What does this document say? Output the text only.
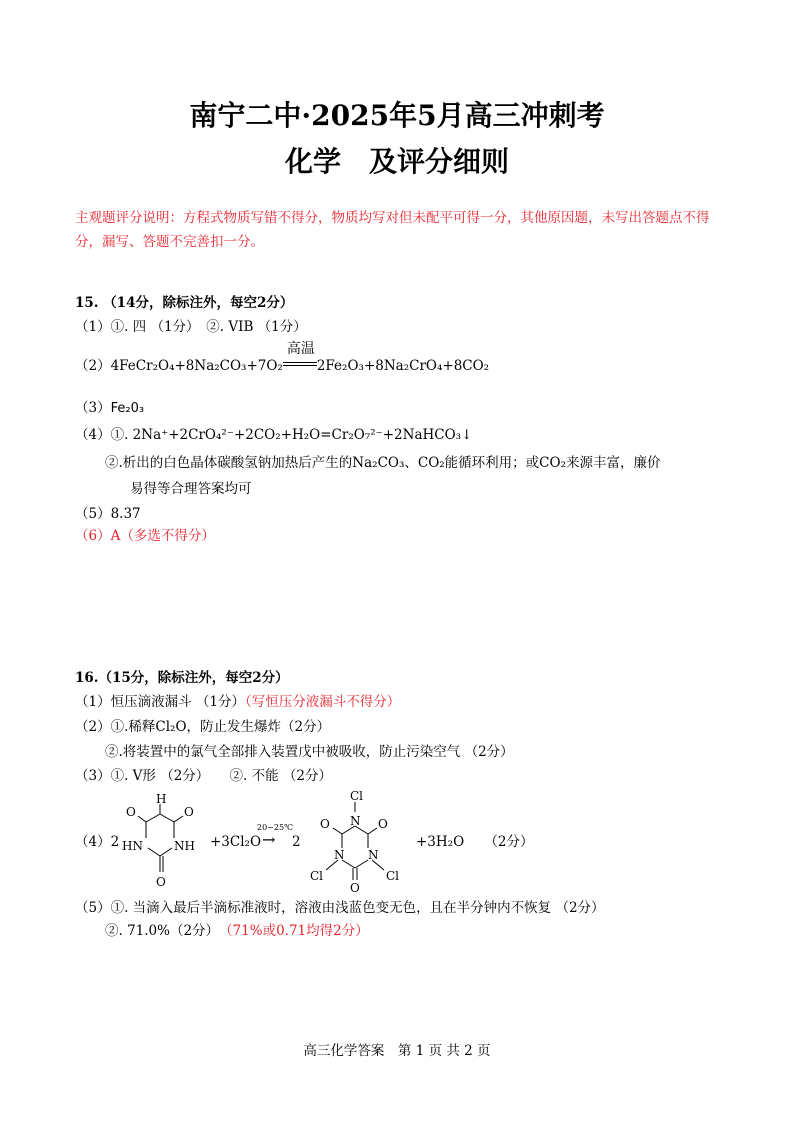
南宁二中·2025年5月高三冲刺考
化学 及评分细则
主观题评分说明：方程式物质写错不得分，物质均写对但未配平可得一分，其他原因题，未写出答题点不得分，漏写、答题不完善扣一分。
15. （14分，除标注外，每空2分）
（1）①. 四 （1分）　②. VIB （1分）
（2）4FeCr₂O₄+8Na₂CO₃+7O₂
高温
2Fe₂O₃+8Na₂CrO₄+8CO₂
（3）Fe₂0₃
（4）①. 2Na⁺+2CrO₄²⁻+2CO₂+H₂O=Cr₂O₇²⁻+2NaHCO₃↓
②.析出的白色晶体碳酸氢钠加热后产生的Na₂CO₃、CO₂能循环利用；或CO₂来源丰富，廉价
易得等合理答案均可
（5）8.37
（6）A（多选不得分）
16.（15分，除标注外，每空2分）
（1）恒压滴液漏斗 （1分）（写恒压分液漏斗不得分）
（2）①.稀释Cl₂O，防止发生爆炸（2分）
②.将装置中的氯气全部排入装置戊中被吸收，防止污染空气 （2分）
（3）①. V形 （2分）　　②. 不能 （2分）
（4）2
H
O	O
HN	NH
O
+3Cl₂O
20~25℃
→ 2
Cl
N
O	O
N N
Cl	Cl
O
+3H₂O　　（2分）
（5）①. 当滴入最后半滴标准液时，溶液由浅蓝色变无色，且在半分钟内不恢复 （2分）
②. 71.0%（2分）　 （71%或0.71均得2分）
高三化学答案　第 1 页 共 2 页
